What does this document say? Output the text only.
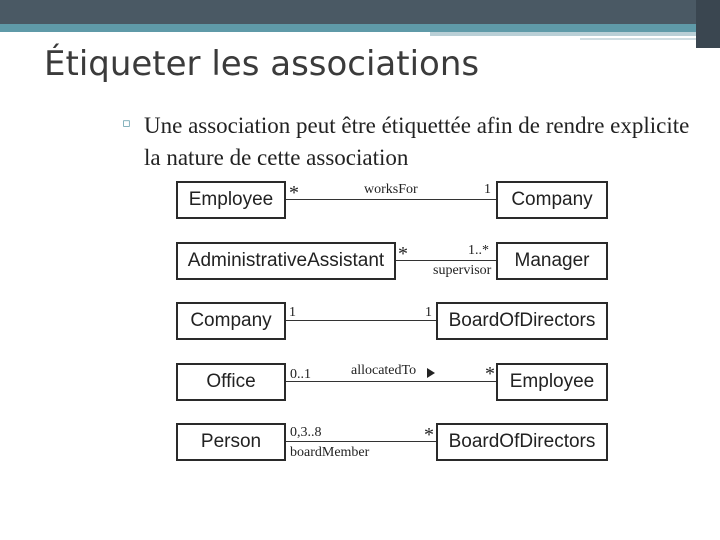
Étiqueter les associations
▫ Une association peut être étiquettée afin de rendre explicite la nature de cette association
Employee	Company
worksFor
*	1
AdministrativeAssistant	Manager
*	1..*
supervisor
Company	BoardOfDirectors
1	1
Office	Employee
0..1	allocatedTo	*
Person	BoardOfDirectors
0,3..8	*
boardMember
